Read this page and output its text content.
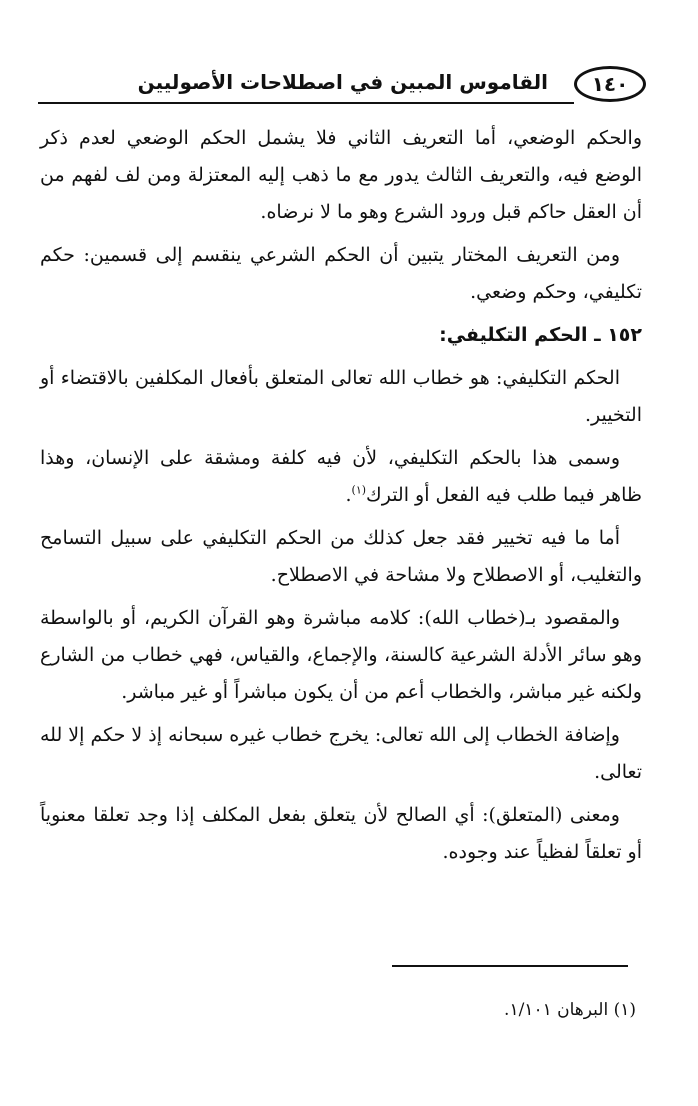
١٤٠
القاموس المبين في اصطلاحات الأصوليين

والحكم الوضعي، أما التعريف الثاني فلا يشمل الحكم الوضعي لعدم ذكر الوضع فيه، والتعريف الثالث يدور مع ما ذهب إليه المعتزلة ومن لف لفهم من أن العقل حاكم قبل ورود الشرع وهو ما لا نرضاه.

ومن التعريف المختار يتبين أن الحكم الشرعي ينقسم إلى قسمين: حكم تكليفي، وحكم وضعي.

١٥٢ ـ الحكم التكليفي:

الحكم التكليفي: هو خطاب الله تعالى المتعلق بأفعال المكلفين بالاقتضاء أو التخيير.

وسمى هذا بالحكم التكليفي، لأن فيه كلفة ومشقة على الإنسان، وهذا ظاهر فيما طلب فيه الفعل أو الترك$^{(١)}$.

أما ما فيه تخيير فقد جعل كذلك من الحكم التكليفي على سبيل التسامح والتغليب، أو الاصطلاح ولا مشاحة في الاصطلاح.

والمقصود بـ(خطاب الله): كلامه مباشرة وهو القرآن الكريم، أو بالواسطة وهو سائر الأدلة الشرعية كالسنة، والإجماع، والقياس، فهي خطاب من الشارع ولكنه غير مباشر، والخطاب أعم من أن يكون مباشراً أو غير مباشر.

وإضافة الخطاب إلى الله تعالى: يخرج خطاب غيره سبحانه إذ لا حكم إلا لله تعالى.

ومعنى (المتعلق): أي الصالح لأن يتعلق بفعل المكلف إذا وجد تعلقا معنوياً أو تعلقاً لفظياً عند وجوده.

(١) البرهان ١/١٠١.
